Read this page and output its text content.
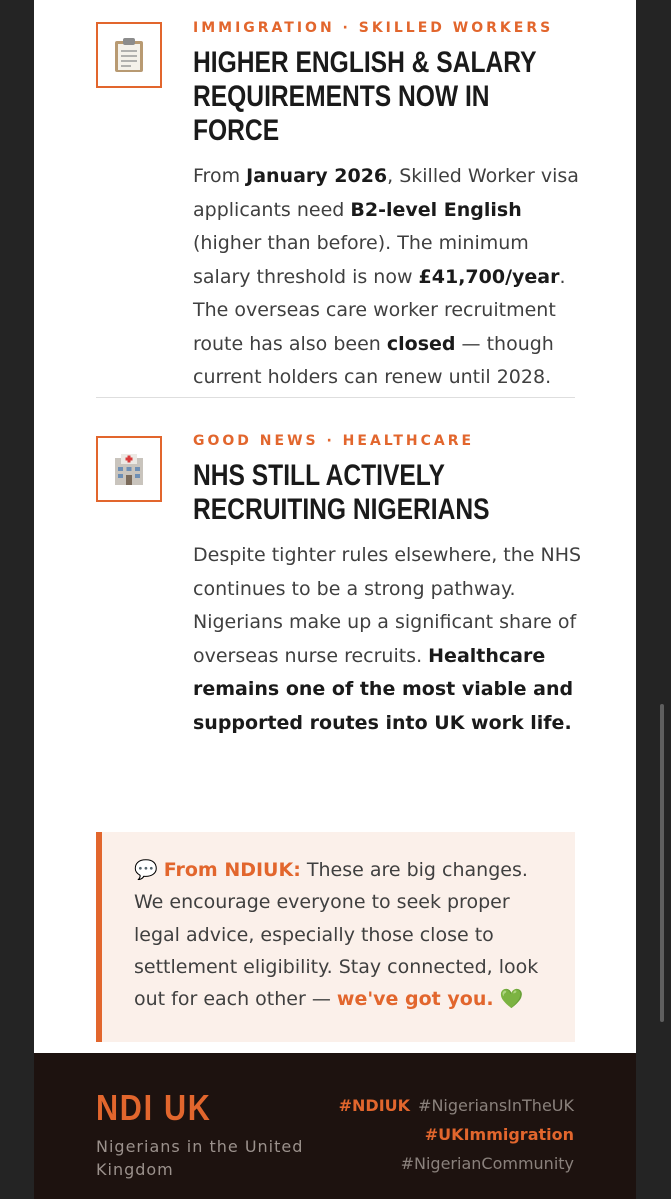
IMMIGRATION · SKILLED WORKERS
HIGHER ENGLISH & SALARY REQUIREMENTS NOW IN FORCE
From January 2026, Skilled Worker visa applicants need B2-level English (higher than before). The minimum salary threshold is now £41,700/year. The overseas care worker recruitment route has also been closed — though current holders can renew until 2028.
GOOD NEWS · HEALTHCARE
NHS STILL ACTIVELY RECRUITING NIGERIANS
Despite tighter rules elsewhere, the NHS continues to be a strong pathway. Nigerians make up a significant share of overseas nurse recruits. Healthcare remains one of the most viable and supported routes into UK work life.
💬 From NDIUK: These are big changes. We encourage everyone to seek proper legal advice, especially those close to settlement eligibility. Stay connected, look out for each other — we've got you. 💚
NDI UK
Nigerians in the United Kingdom
#NDIUK #NigeriansInTheUK
#UKImmigration
#NigerianCommunity
